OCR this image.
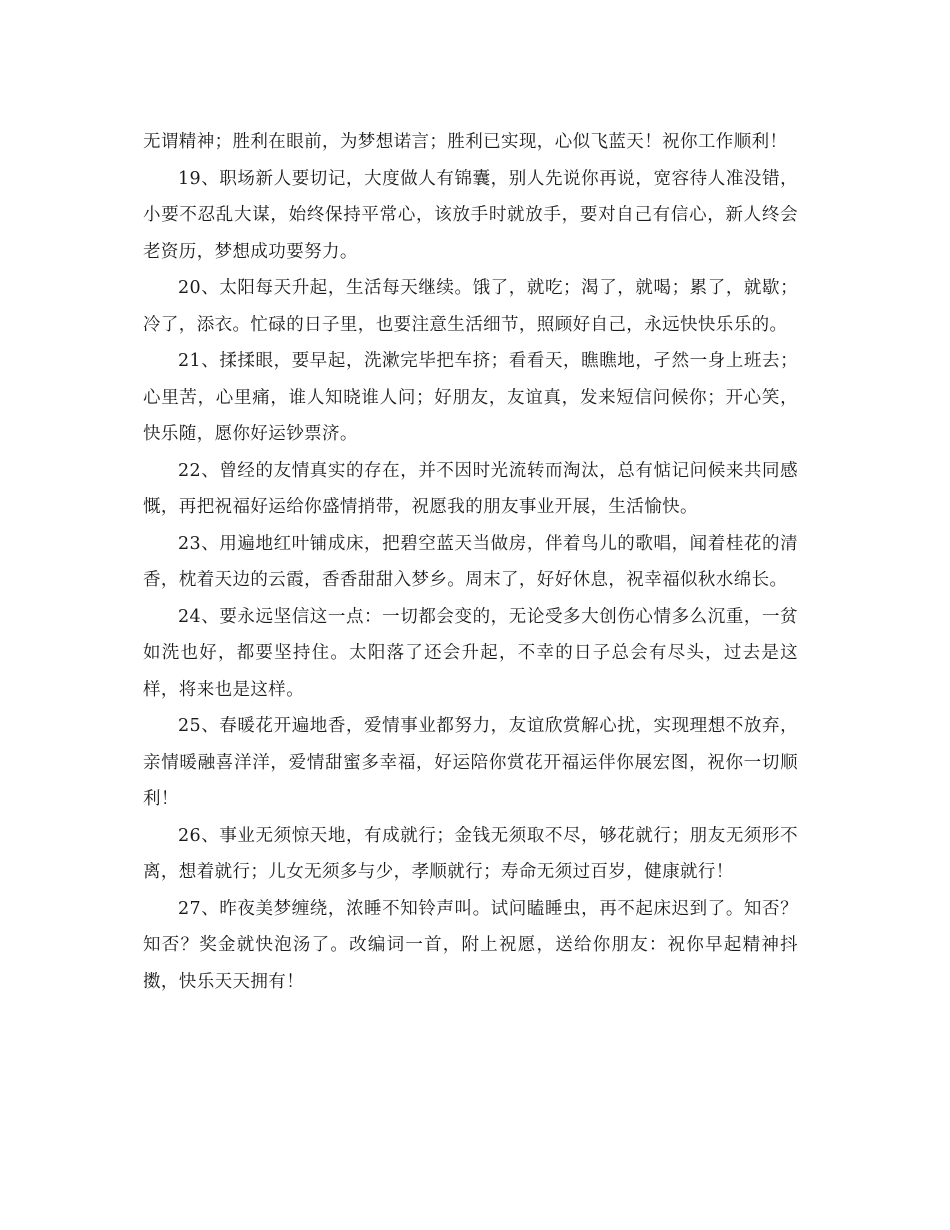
无谓精神；胜利在眼前，为梦想诺言；胜利已实现，心似飞蓝天！祝你工作顺利！

19、职场新人要切记，大度做人有锦囊，别人先说你再说，宽容待人准没错，小要不忍乱大谋，始终保持平常心，该放手时就放手，要对自己有信心，新人终会老资历，梦想成功要努力。

20、太阳每天升起，生活每天继续。饿了，就吃；渴了，就喝；累了，就歇；冷了，添衣。忙碌的日子里，也要注意生活细节，照顾好自己，永远快快乐乐的。

21、揉揉眼，要早起，洗漱完毕把车挤；看看天，瞧瞧地，孑然一身上班去；心里苦，心里痛，谁人知晓谁人问；好朋友，友谊真，发来短信问候你；开心笑，快乐随，愿你好运钞票济。

22、曾经的友情真实的存在，并不因时光流转而淘汰，总有惦记问候来共同感慨，再把祝福好运给你盛情捎带，祝愿我的朋友事业开展，生活愉快。

23、用遍地红叶铺成床，把碧空蓝天当做房，伴着鸟儿的歌唱，闻着桂花的清香，枕着天边的云霞，香香甜甜入梦乡。周末了，好好休息，祝幸福似秋水绵长。

24、要永远坚信这一点：一切都会变的，无论受多大创伤心情多么沉重，一贫如洗也好，都要坚持住。太阳落了还会升起，不幸的日子总会有尽头，过去是这样，将来也是这样。

25、春暖花开遍地香，爱情事业都努力，友谊欣赏解心扰，实现理想不放弃，亲情暖融喜洋洋，爱情甜蜜多幸福，好运陪你赏花开福运伴你展宏图，祝你一切顺利！

26、事业无须惊天地，有成就行；金钱无须取不尽，够花就行；朋友无须形不离，想着就行；儿女无须多与少，孝顺就行；寿命无须过百岁，健康就行！

27、昨夜美梦缠绕，浓睡不知铃声叫。试问瞌睡虫，再不起床迟到了。知否？知否？奖金就快泡汤了。改编词一首，附上祝愿，送给你朋友：祝你早起精神抖擞，快乐天天拥有！
